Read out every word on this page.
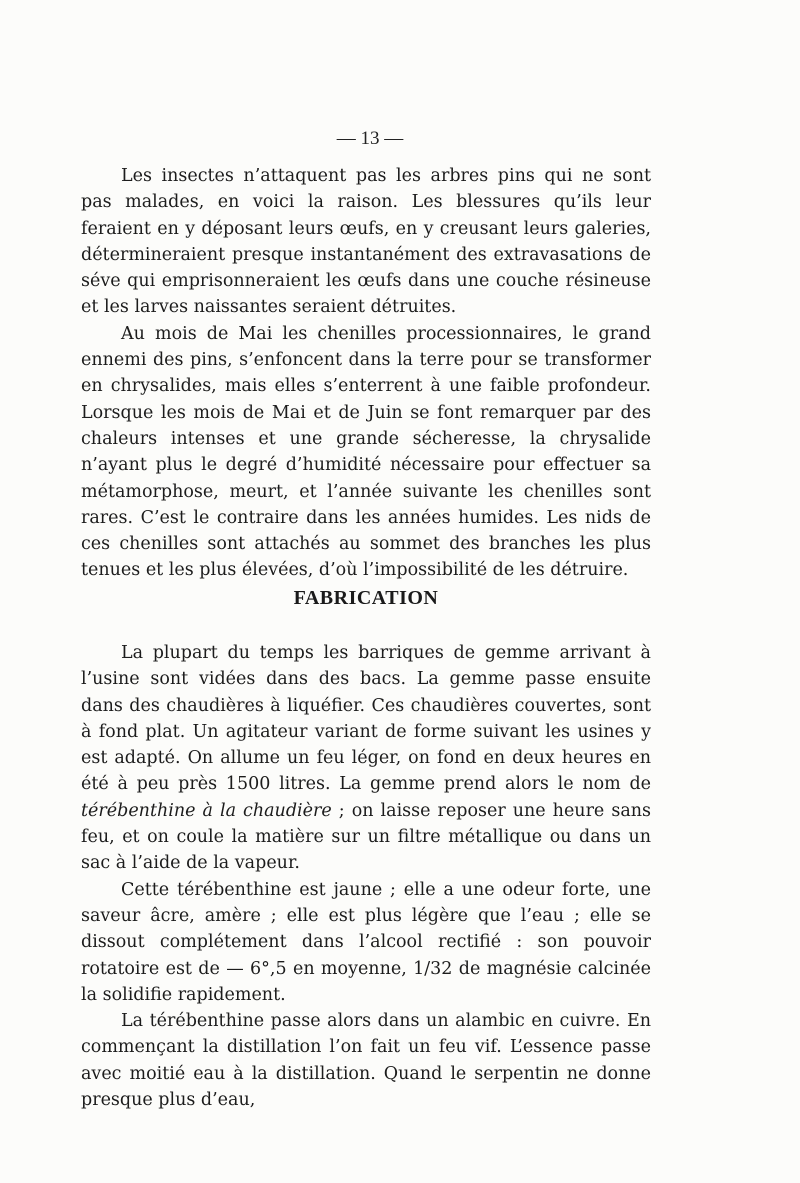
— 13 —

Les insectes n’attaquent pas les arbres pins qui ne sont pas malades, en voici la raison. Les blessures qu’ils leur feraient en y déposant leurs œufs, en y creusant leurs galeries, détermineraient presque instantanément des extravasations de séve qui emprisonneraient les œufs dans une couche résineuse et les larves naissantes seraient détruites.

Au mois de Mai les chenilles processionnaires, le grand ennemi des pins, s’enfoncent dans la terre pour se transformer en chrysalides, mais elles s’enterrent à une faible profondeur. Lorsque les mois de Mai et de Juin se font remarquer par des chaleurs intenses et une grande sécheresse, la chrysalide n’ayant plus le degré d’humidité nécessaire pour effectuer sa métamorphose, meurt, et l’année suivante les chenilles sont rares. C’est le contraire dans les années humides. Les nids de ces chenilles sont attachés au sommet des branches les plus tenues et les plus élevées, d’où l’impossibilité de les détruire.

FABRICATION

La plupart du temps les barriques de gemme arrivant à l’usine sont vidées dans des bacs. La gemme passe ensuite dans des chaudières à liquéfier. Ces chaudières couvertes, sont à fond plat. Un agitateur variant de forme suivant les usines y est adapté. On allume un feu léger, on fond en deux heures en été à peu près 1500 litres. La gemme prend alors le nom de térébenthine à la chaudière ; on laisse reposer une heure sans feu, et on coule la matière sur un filtre métallique ou dans un sac à l’aide de la vapeur.

Cette térébenthine est jaune ; elle a une odeur forte, une saveur âcre, amère ; elle est plus légère que l’eau ; elle se dissout complétement dans l’alcool rectifié : son pouvoir rotatoire est de — 6°,5 en moyenne, 1/32 de magnésie calcinée la solidifie rapidement.

La térébenthine passe alors dans un alambic en cuivre. En commençant la distillation l’on fait un feu vif. L’essence passe avec moitié eau à la distillation. Quand le serpentin ne donne presque plus d’eau,
